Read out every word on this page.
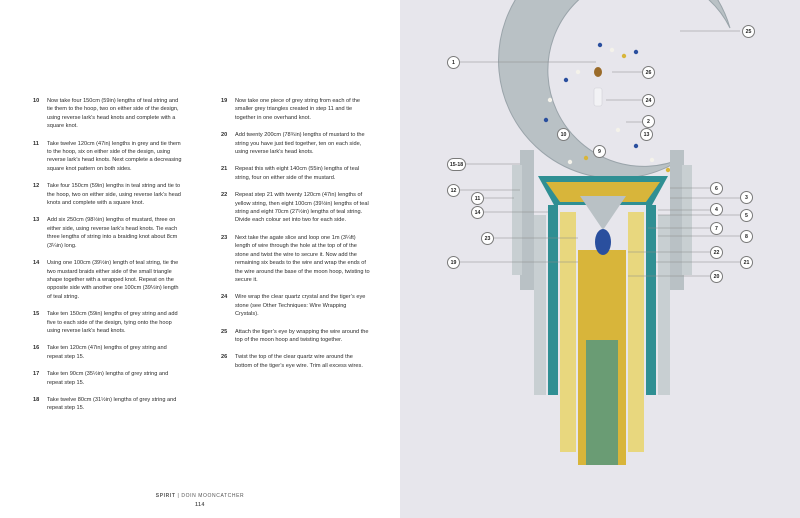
10 Now take four 150cm (59in) lengths of teal string and tie them to the hoop, two on either side of the design, using reverse lark’s head knots and complete with a square knot.
11 Take twelve 120cm (47in) lengths in grey and tie them to the hoop, six on either side of the design, using reverse lark’s head knots. Next complete a decreasing square knot pattern on both sides.
12 Take four 150cm (59in) lengths in teal string and tie to the hoop, two on either side, using reverse lark’s head knots and complete with a square knot.
13 Add six 250cm (98½in) lengths of mustard, three on either side, using reverse lark’s head knots. Tie each three lengths of string into a braiding knot about 8cm (3¼in) long.
14 Using one 100cm (39½in) length of teal string, tie the two mustard braids either side of the small triangle shape together with a wrapped knot. Repeat on the opposite side with another one 100cm (39½in) length of teal string.
15 Take ten 150cm (59in) lengths of grey string and add five to each side of the design, tying onto the hoop using reverse lark’s head knots.
16 Take ten 120cm (47in) lengths of grey string and repeat step 15.
17 Take ten 90cm (35½in) lengths of grey string and repeat step 15.
18 Take twelve 80cm (31½in) lengths of grey string and repeat step 15.
19 Now take one piece of grey string from each of the smaller grey triangles created in step 11 and tie together in one overhand knot.
20 Add twenty 200cm (78¾in) lengths of mustard to the string you have just tied together, ten on each side, using reverse lark’s head knots.
21 Repeat this with eight 140cm (55in) lengths of teal string, four on either side of the mustard.
22 Repeat step 21 with twenty 120cm (47in) lengths of yellow string, then eight 100cm (39½in) lengths of teal string and eight 70cm (27½in) lengths of teal string. Divide each colour set into two for each side.
23 Next take the agate slice and loop one 1m (3¼ft) length of wire through the hole at the top of of the stone and twist the wire to secure it. Now add the remaining six beads to the wire and wrap the ends of the wire around the base of the moon hoop, twisting to secure it.
24 Wire wrap the clear quartz crystal and the tiger’s eye stone (see Other Techniques: Wire Wrapping Crystals).
25 Attach the tiger’s eye by wrapping the wire around the top of the moon hoop and twisting together.
26 Twist the top of the clear quartz wire around the bottom of the tiger’s eye wire. Trim all excess wires.
SPIRIT | DOIN MOONCATCHER
114
25
1
26
24
2
10	13
9
15-18
6
3
12
11
4
14	5
7
8
23
22
19	21
20
